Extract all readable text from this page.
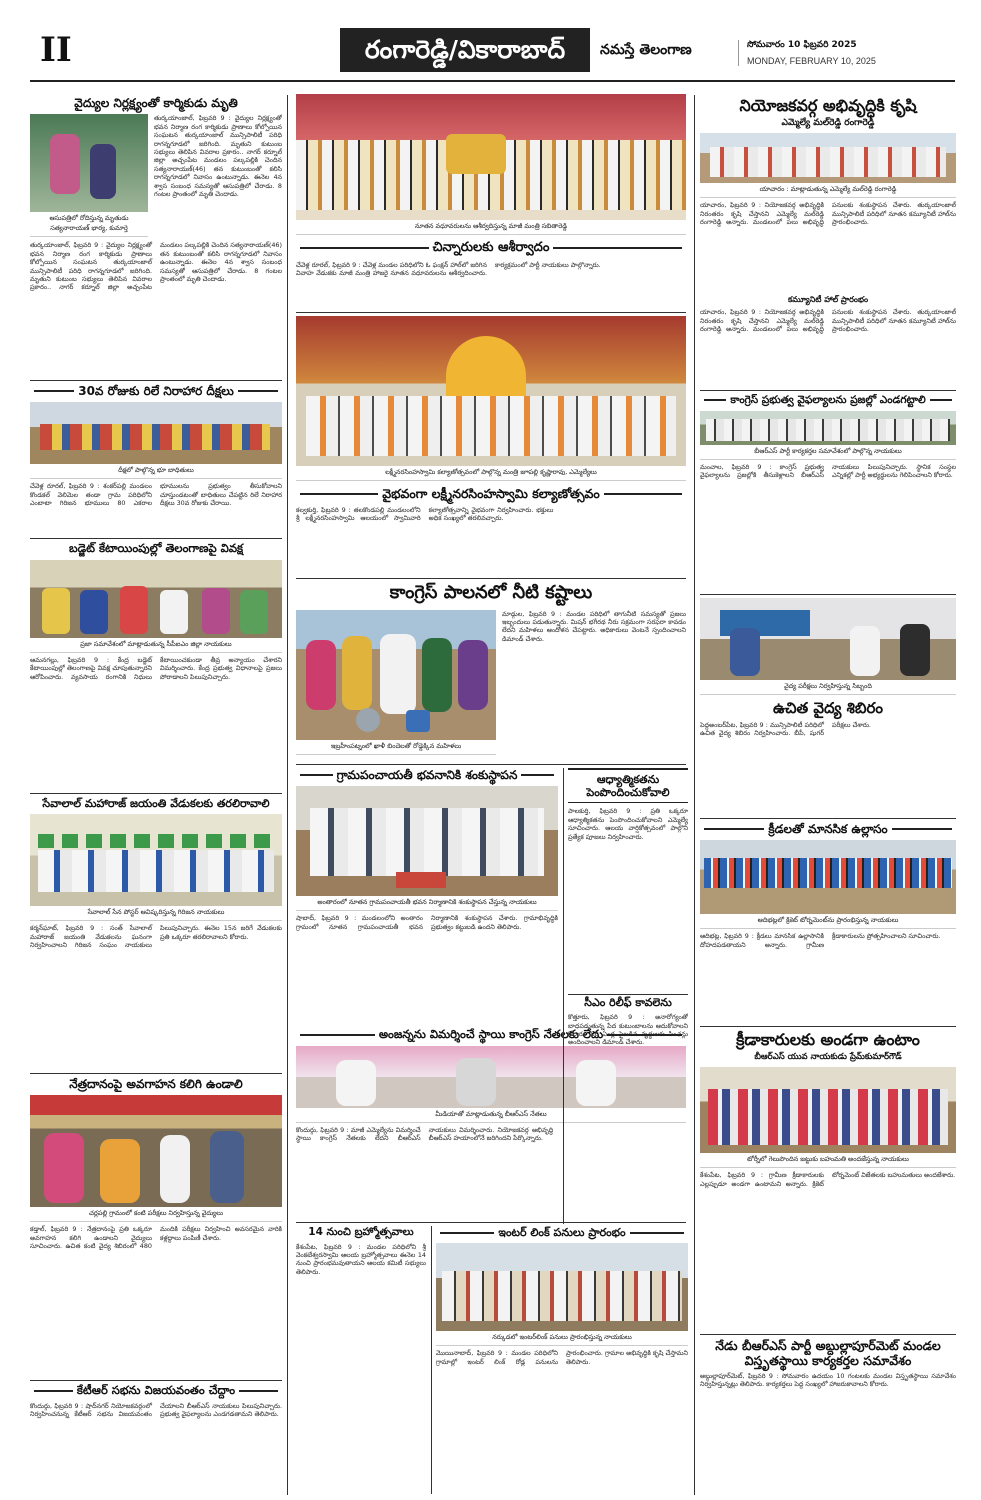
II	రంగారెడ్డి/వికారాబాద్	నమస్తే తెలంగాణ	సోమవారం 10 ఫిబ్రవరి 2025
MONDAY, FEBRUARY 10, 2025
వైద్యుల నిర్లక్ష్యంతో కార్మికుడు మృతి
ఆసుపత్రిలో రోదిస్తున్న మృతుడు సత్యనారాయణ్ భార్య, కుమార్తె
తుర్కయాంజాల్, ఫిబ్రవరి 9 : వైద్యుల నిర్లక్ష్యంతో భవన నిర్మాణ రంగ కార్మికుడు ప్రాణాలు కోల్పోయిన సంఘటన తుర్కయాంజాల్ మున్సిపాలిటీ పరిధి రాగన్నగూడలో జరిగింది. మృతుని కుటుంబ సభ్యులు తెలిపిన వివరాల ప్రకారం.. నాగర్ కర్నూల్ జిల్లా అచ్చంపేట మండలం పల్కపల్లికి చెందిన సత్యనారాయణ్(46) తన కుటుంబంతో కలిసి రాగన్నగూడలో నివాసం ఉంటున్నాడు. ఈనెల 4న శ్వాస సంబంధ సమస్యతో ఆసుపత్రిలో చేరాడు. 8 గంటల ప్రాంతంలో మృతి చెందాడు.
తుర్కయాంజాల్, ఫిబ్రవరి 9 : వైద్యుల నిర్లక్ష్యంతో భవన నిర్మాణ రంగ కార్మికుడు ప్రాణాలు కోల్పోయిన సంఘటన తుర్కయాంజాల్ మున్సిపాలిటీ పరిధి రాగన్నగూడలో జరిగింది. మృతుని కుటుంబ సభ్యులు తెలిపిన వివరాల ప్రకారం.. నాగర్ కర్నూల్ జిల్లా అచ్చంపేట మండలం పల్కపల్లికి చెందిన సత్యనారాయణ్(46) తన కుటుంబంతో కలిసి రాగన్నగూడలో నివాసం ఉంటున్నాడు. ఈనెల 4న శ్వాస సంబంధ సమస్యతో ఆసుపత్రిలో చేరాడు. 8 గంటల ప్రాంతంలో మృతి చెందాడు.
30వ రోజుకు రిలే నిరాహార దీక్షలు
దీక్షలో పాల్గొన్న భూ బాధితులు
చేవెళ్ల రూరల్, ఫిబ్రవరి 9 : శంకర్‌పల్లి మండలం కొండకల్ వెలిమెల తండా గ్రామ పరిధిలోని ఎంబాటా గిరిజన భూములు 80 ఎకరాల భూములను ప్రభుత్వం తీసుకోవాలని చూస్తుండటంతో బాధితులు చేపట్టిన రిలే నిరాహార దీక్షలు 30వ రోజుకు చేరాయి.
బడ్జెట్ కేటాయింపుల్లో తెలంగాణపై వివక్ష
ప్రజా సమావేశంలో మాట్లాడుతున్న సీపీఐఎం జిల్లా నాయకులు
ఆమనగల్లు, ఫిబ్రవరి 9 : కేంద్ర బడ్జెట్ కేటాయింపుల్లో తెలంగాణపై వివక్ష చూపుతున్నారని ఆరోపించారు. వ్యవసాయ రంగానికి నిధులు కేటాయించకుండా తీవ్ర అన్యాయం చేశారని విమర్శించారు. కేంద్ర ప్రభుత్వ విధానాలపై ప్రజలు పోరాడాలని పిలుపునిచ్చారు.
సేవాలాల్ మహారాజ్ జయంతి వేడుకలకు తరలిరావాలి
సేవాలాల్ సేన పోస్టర్ ఆవిష్కరిస్తున్న గిరిజన నాయకులు
కర్మన్‌ఘాట్, ఫిబ్రవరి 9 : సంత్ సేవాలాల్ మహారాజ్ జయంతి వేడుకలను ఘనంగా నిర్వహించాలని గిరిజన సంఘం నాయకులు పిలుపునిచ్చారు. ఈనెల 15న జరిగే వేడుకలకు ప్రతి ఒక్కరూ తరలిరావాలని కోరారు.
నేత్రదానంపై అవగాహన కలిగి ఉండాలి
చర్లపల్లి గ్రామంలో కంటి పరీక్షలు నిర్వహిస్తున్న వైద్యులు
కడ్తాల్, ఫిబ్రవరి 9 : నేత్రదానంపై ప్రతి ఒక్కరూ అవగాహన కలిగి ఉండాలని వైద్యులు సూచించారు. ఉచిత కంటి వైద్య శిబిరంలో 480 మందికి పరీక్షలు నిర్వహించి అవసరమైన వారికి కళ్లద్దాలు పంపిణీ చేశారు.
కేటీఆర్ సభను విజయవంతం చేద్దాం
కొందుర్గు, ఫిబ్రవరి 9 : షాద్‌నగర్ నియోజకవర్గంలో నిర్వహించనున్న కేటీఆర్ సభను విజయవంతం చేయాలని బీఆర్ఎస్ నాయకులు పిలుపునిచ్చారు. ప్రభుత్వ వైఫల్యాలను ఎండగడతామని తెలిపారు.
నూతన వధూవరులను ఆశీర్వదిస్తున్న మాజీ మంత్రి సబితారెడ్డి
చిన్నారులకు ఆశీర్వాదం
చేవెళ్ల రూరల్, ఫిబ్రవరి 9 : చేవెళ్ల మండల పరిధిలోని ఓ ఫంక్షన్ హాల్‌లో జరిగిన వివాహ వేడుకకు మాజీ మంత్రి హాజరై నూతన వధూవరులను ఆశీర్వదించారు. కార్యక్రమంలో పార్టీ నాయకులు పాల్గొన్నారు.
లక్ష్మీనరసింహస్వామి కల్యాణోత్సవంలో పాల్గొన్న మంత్రి జూపల్లి కృష్ణారావు, ఎమ్మెల్యేలు
వైభవంగా లక్ష్మీనరసింహస్వామి కల్యాణోత్సవం
కల్వకుర్తి, ఫిబ్రవరి 9 : తలకొండపల్లి మండలంలోని శ్రీ లక్ష్మీనరసింహస్వామి ఆలయంలో స్వామివారి కల్యాణోత్సవాన్ని వైభవంగా నిర్వహించారు. భక్తులు అధిక సంఖ్యలో తరలివచ్చారు.
కాంగ్రెస్ పాలనలో నీటి కష్టాలు
ఇబ్రహీంపట్నంలో ఖాళీ బిందెలతో రోడ్డెక్కిన మహిళలు
మాడ్గుల, ఫిబ్రవరి 9 : మండల పరిధిలో తాగునీటి సమస్యతో ప్రజలు ఇబ్బందులు పడుతున్నారు. మిషన్ భగీరథ నీరు సక్రమంగా సరఫరా కావడం లేదని మహిళలు ఆందోళన చేపట్టారు. అధికారులు వెంటనే స్పందించాలని డిమాండ్ చేశారు.
గ్రామపంచాయతీ భవనానికి శంకుస్థాపన
అంతారంలో నూతన గ్రామపంచాయతీ భవన నిర్మాణానికి శంకుస్థాపన చేస్తున్న నాయకులు
షాబాద్, ఫిబ్రవరి 9 : మండలంలోని అంతారం గ్రామంలో నూతన గ్రామపంచాయతీ భవన నిర్మాణానికి శంకుస్థాపన చేశారు. గ్రామాభివృద్ధికి ప్రభుత్వం కట్టుబడి ఉందని తెలిపారు.
అంజన్నను విమర్శించే స్థాయి కాంగ్రెస్ నేతలకు లేదు
మీడియాతో మాట్లాడుతున్న బీఆర్ఎస్ నేతలు
కొందుర్గు, ఫిబ్రవరి 9 : మాజీ ఎమ్మెల్యేను విమర్శించే స్థాయి కాంగ్రెస్ నేతలకు లేదని బీఆర్ఎస్ నాయకులు విమర్శించారు. నియోజకవర్గ అభివృద్ధి బీఆర్ఎస్ హయాంలోనే జరిగిందని పేర్కొన్నారు.
14 నుంచి బ్రహ్మోత్సవాలు
కేశంపేట, ఫిబ్రవరి 9 : మండల పరిధిలోని శ్రీ వెంకటేశ్వరస్వామి ఆలయ బ్రహ్మోత్సవాలు ఈనెల 14 నుంచి ప్రారంభమవుతాయని ఆలయ కమిటీ సభ్యులు తెలిపారు.
ఆధ్యాత్మికతను పెంపొందించుకోవాలి
పాలకుర్తి, ఫిబ్రవరి 9 : ప్రతి ఒక్కరూ ఆధ్యాత్మికతను పెంపొందించుకోవాలని ఎమ్మెల్యే సూచించారు. ఆలయ వార్షికోత్సవంలో పాల్గొని ప్రత్యేక పూజలు నిర్వహించారు.
సీఎం రిలీఫ్ కావలెను
కొత్తూరు, ఫిబ్రవరి 9 : అనారోగ్యంతో బాధపడుతున్న పేద కుటుంబాలను ఆదుకోవాలని కోరారు. 50 ఏండ్ల పైబడిన వృద్ధులకు పింఛన్లు అందించాలని డిమాండ్ చేశారు.
ఇంటర్ లింక్ పనులు ప్రారంభం
నర్కుడలో ఇంటర్‌లింక్ పనులు ప్రారంభిస్తున్న నాయకులు
మొయినాబాద్, ఫిబ్రవరి 9 : మండల పరిధిలోని గ్రామాల్లో ఇంటర్ లింక్ రోడ్ల పనులను ప్రారంభించారు. గ్రామాల అభివృద్ధికి కృషి చేస్తామని తెలిపారు.
నియోజకవర్గ అభివృద్ధికి కృషి
ఎమ్మెల్యే మల్‌రెడ్డి రంగారెడ్డి
యాచారం : మాట్లాడుతున్న ఎమ్మెల్యే మల్‌రెడ్డి రంగారెడ్డి
యాచారం, ఫిబ్రవరి 9 : నియోజకవర్గ అభివృద్ధికి నిరంతరం కృషి చేస్తానని ఎమ్మెల్యే మల్‌రెడ్డి రంగారెడ్డి అన్నారు. మండలంలో పలు అభివృద్ధి పనులకు శంకుస్థాపన చేశారు. తుర్కయాంజాల్ మున్సిపాలిటీ పరిధిలో నూతన కమ్యూనిటీ హాల్‌ను ప్రారంభించారు.
కమ్యూనిటీ హాల్ ప్రారంభం
యాచారం, ఫిబ్రవరి 9 : నియోజకవర్గ అభివృద్ధికి నిరంతరం కృషి చేస్తానని ఎమ్మెల్యే మల్‌రెడ్డి రంగారెడ్డి అన్నారు. మండలంలో పలు అభివృద్ధి పనులకు శంకుస్థాపన చేశారు. తుర్కయాంజాల్ మున్సిపాలిటీ పరిధిలో నూతన కమ్యూనిటీ హాల్‌ను ప్రారంభించారు.
కాంగ్రెస్ ప్రభుత్వ వైఫల్యాలను ప్రజల్లో ఎండగట్టాలి
బీఆర్ఎస్ పార్టీ కార్యకర్తల సమావేశంలో పాల్గొన్న నాయకులు
మంచాల, ఫిబ్రవరి 9 : కాంగ్రెస్ ప్రభుత్వ వైఫల్యాలను ప్రజల్లోకి తీసుకెళ్లాలని బీఆర్ఎస్ నాయకులు పిలుపునిచ్చారు. స్థానిక సంస్థల ఎన్నికల్లో పార్టీ అభ్యర్థులను గెలిపించాలని కోరారు.
వైద్య పరీక్షలు నిర్వహిస్తున్న సిబ్బంది
ఉచిత వైద్య శిబిరం
పెద్దఅంబర్‌పేట, ఫిబ్రవరి 9 : మున్సిపాలిటీ పరిధిలో ఉచిత వైద్య శిబిరం నిర్వహించారు. బీపీ, షుగర్ పరీక్షలు చేశారు.
క్రీడలతో మానసిక ఉల్లాసం
ఆదిభట్లలో క్రికెట్ టోర్నమెంట్‌ను ప్రారంభిస్తున్న నాయకులు
ఆదిభట్ల, ఫిబ్రవరి 9 : క్రీడలు మానసిక ఉల్లాసానికి దోహదపడతాయని అన్నారు. గ్రామీణ క్రీడాకారులను ప్రోత్సహించాలని సూచించారు.
క్రీడాకారులకు అండగా ఉంటాం
బీఆర్ఎస్ యువ నాయకుడు ప్రేమ్‌కుమార్‌గౌడ్
టోర్నీలో గెలుపొందిన జట్టుకు బహుమతి అందజేస్తున్న నాయకులు
కేశంపేట, ఫిబ్రవరి 9 : గ్రామీణ క్రీడాకారులకు ఎల్లప్పుడూ అండగా ఉంటామని అన్నారు. క్రికెట్ టోర్నమెంట్ విజేతలకు బహుమతులు అందజేశారు.
నేడు బీఆర్ఎస్ పార్టీ అబ్దుల్లాపూర్‌మెట్ మండల విస్తృతస్థాయి కార్యకర్తల సమావేశం
అబ్దుల్లాపూర్‌మెట్, ఫిబ్రవరి 9 : సోమవారం ఉదయం 10 గంటలకు మండల విస్తృతస్థాయి సమావేశం నిర్వహిస్తున్నట్లు తెలిపారు. కార్యకర్తలు పెద్ద సంఖ్యలో హాజరుకావాలని కోరారు.
